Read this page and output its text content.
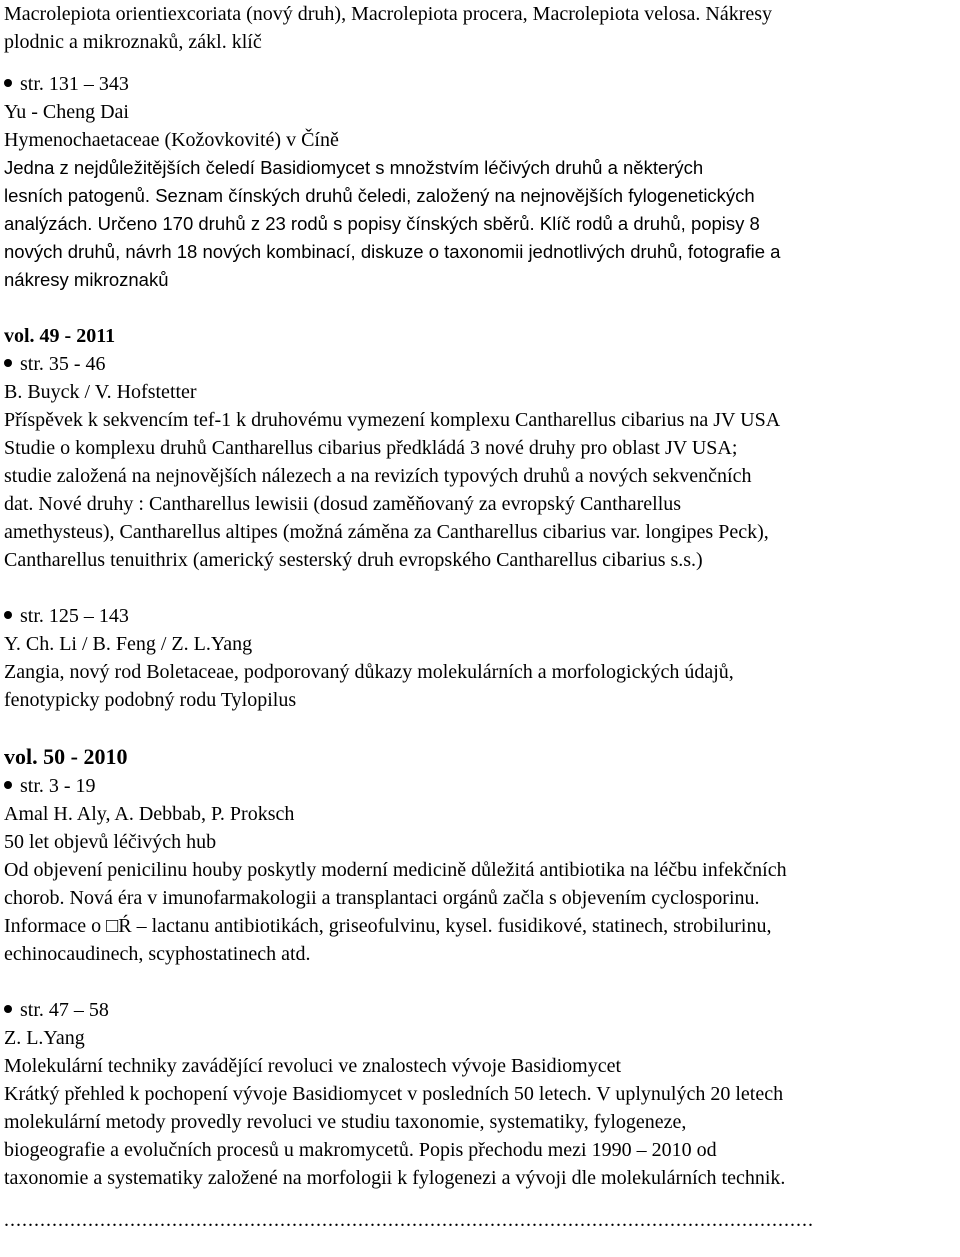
Macrolepiota orientiexcoriata (nový druh), Macrolepiota procera, Macrolepiota velosa. Nákresy
plodnic a mikroznaků, zákl. klíč
str. 131 – 343
Yu - Cheng Dai
Hymenochaetaceae (Kožovkovité) v Číně
Jedna z nejdůležitějších čeledí Basidiomycet s množstvím léčivých druhů a některých
lesních patogenů. Seznam čínských druhů čeledi, založený na nejnovějších fylogenetických
analýzách. Určeno 170 druhů z 23 rodů s popisy čínských sběrů. Klíč rodů a druhů, popisy 8
nových druhů, návrh 18 nových kombinací, diskuze o taxonomii jednotlivých druhů, fotografie a
nákresy mikroznaků
vol. 49 - 2011
str. 35 - 46
B. Buyck / V. Hofstetter
Příspěvek k sekvencím tef-1 k druhovému vymezení komplexu Cantharellus cibarius na JV USA
Studie o komplexu druhů Cantharellus cibarius předkládá 3 nové druhy pro oblast JV USA;
studie založená na nejnovějších nálezech a na revizích typových druhů a nových sekvenčních
dat. Nové druhy : Cantharellus lewisii (dosud zaměňovaný za evropský Cantharellus
amethysteus), Cantharellus altipes (možná záměna za Cantharellus cibarius var. longipes Peck),
Cantharellus tenuithrix (americký sesterský druh evropského Cantharellus cibarius s.s.)
str. 125 – 143
Y. Ch. Li / B. Feng / Z. L.Yang
Zangia, nový rod Boletaceae, podporovaný důkazy molekulárních a morfologických údajů,
fenotypicky podobný rodu Tylopilus
vol. 50 - 2010
str. 3 - 19
Amal H. Aly, A. Debbab, P. Proksch
50 let objevů léčivých hub
Od objevení penicilinu houby poskytly moderní medicině důležitá antibiotika na léčbu infekčních
chorob. Nová éra v imunofarmakologii a transplantaci orgánů začla s objevením cyclosporinu.
Informace o □Ŕ – lactanu antibiotikách, griseofulvinu, kysel. fusidikové, statinech, strobilurinu,
echinocaudinech, scyphostatinech atd.
str. 47 – 58
Z. L.Yang
Molekulární techniky zavádějící revoluci ve znalostech vývoje Basidiomycet
Krátký přehled k pochopení vývoje Basidiomycet v posledních 50 letech. V uplynulých 20 letech
molekulární metody provedly revoluci ve studiu taxonomie, systematiky, fylogeneze,
biogeografie a evolučních procesů u makromycetů. Popis přechodu mezi 1990 – 2010 od
taxonomie a systematiky založené na morfologii k fylogenezi a vývoji dle molekulárních technik.
.......................................................................................................................................
